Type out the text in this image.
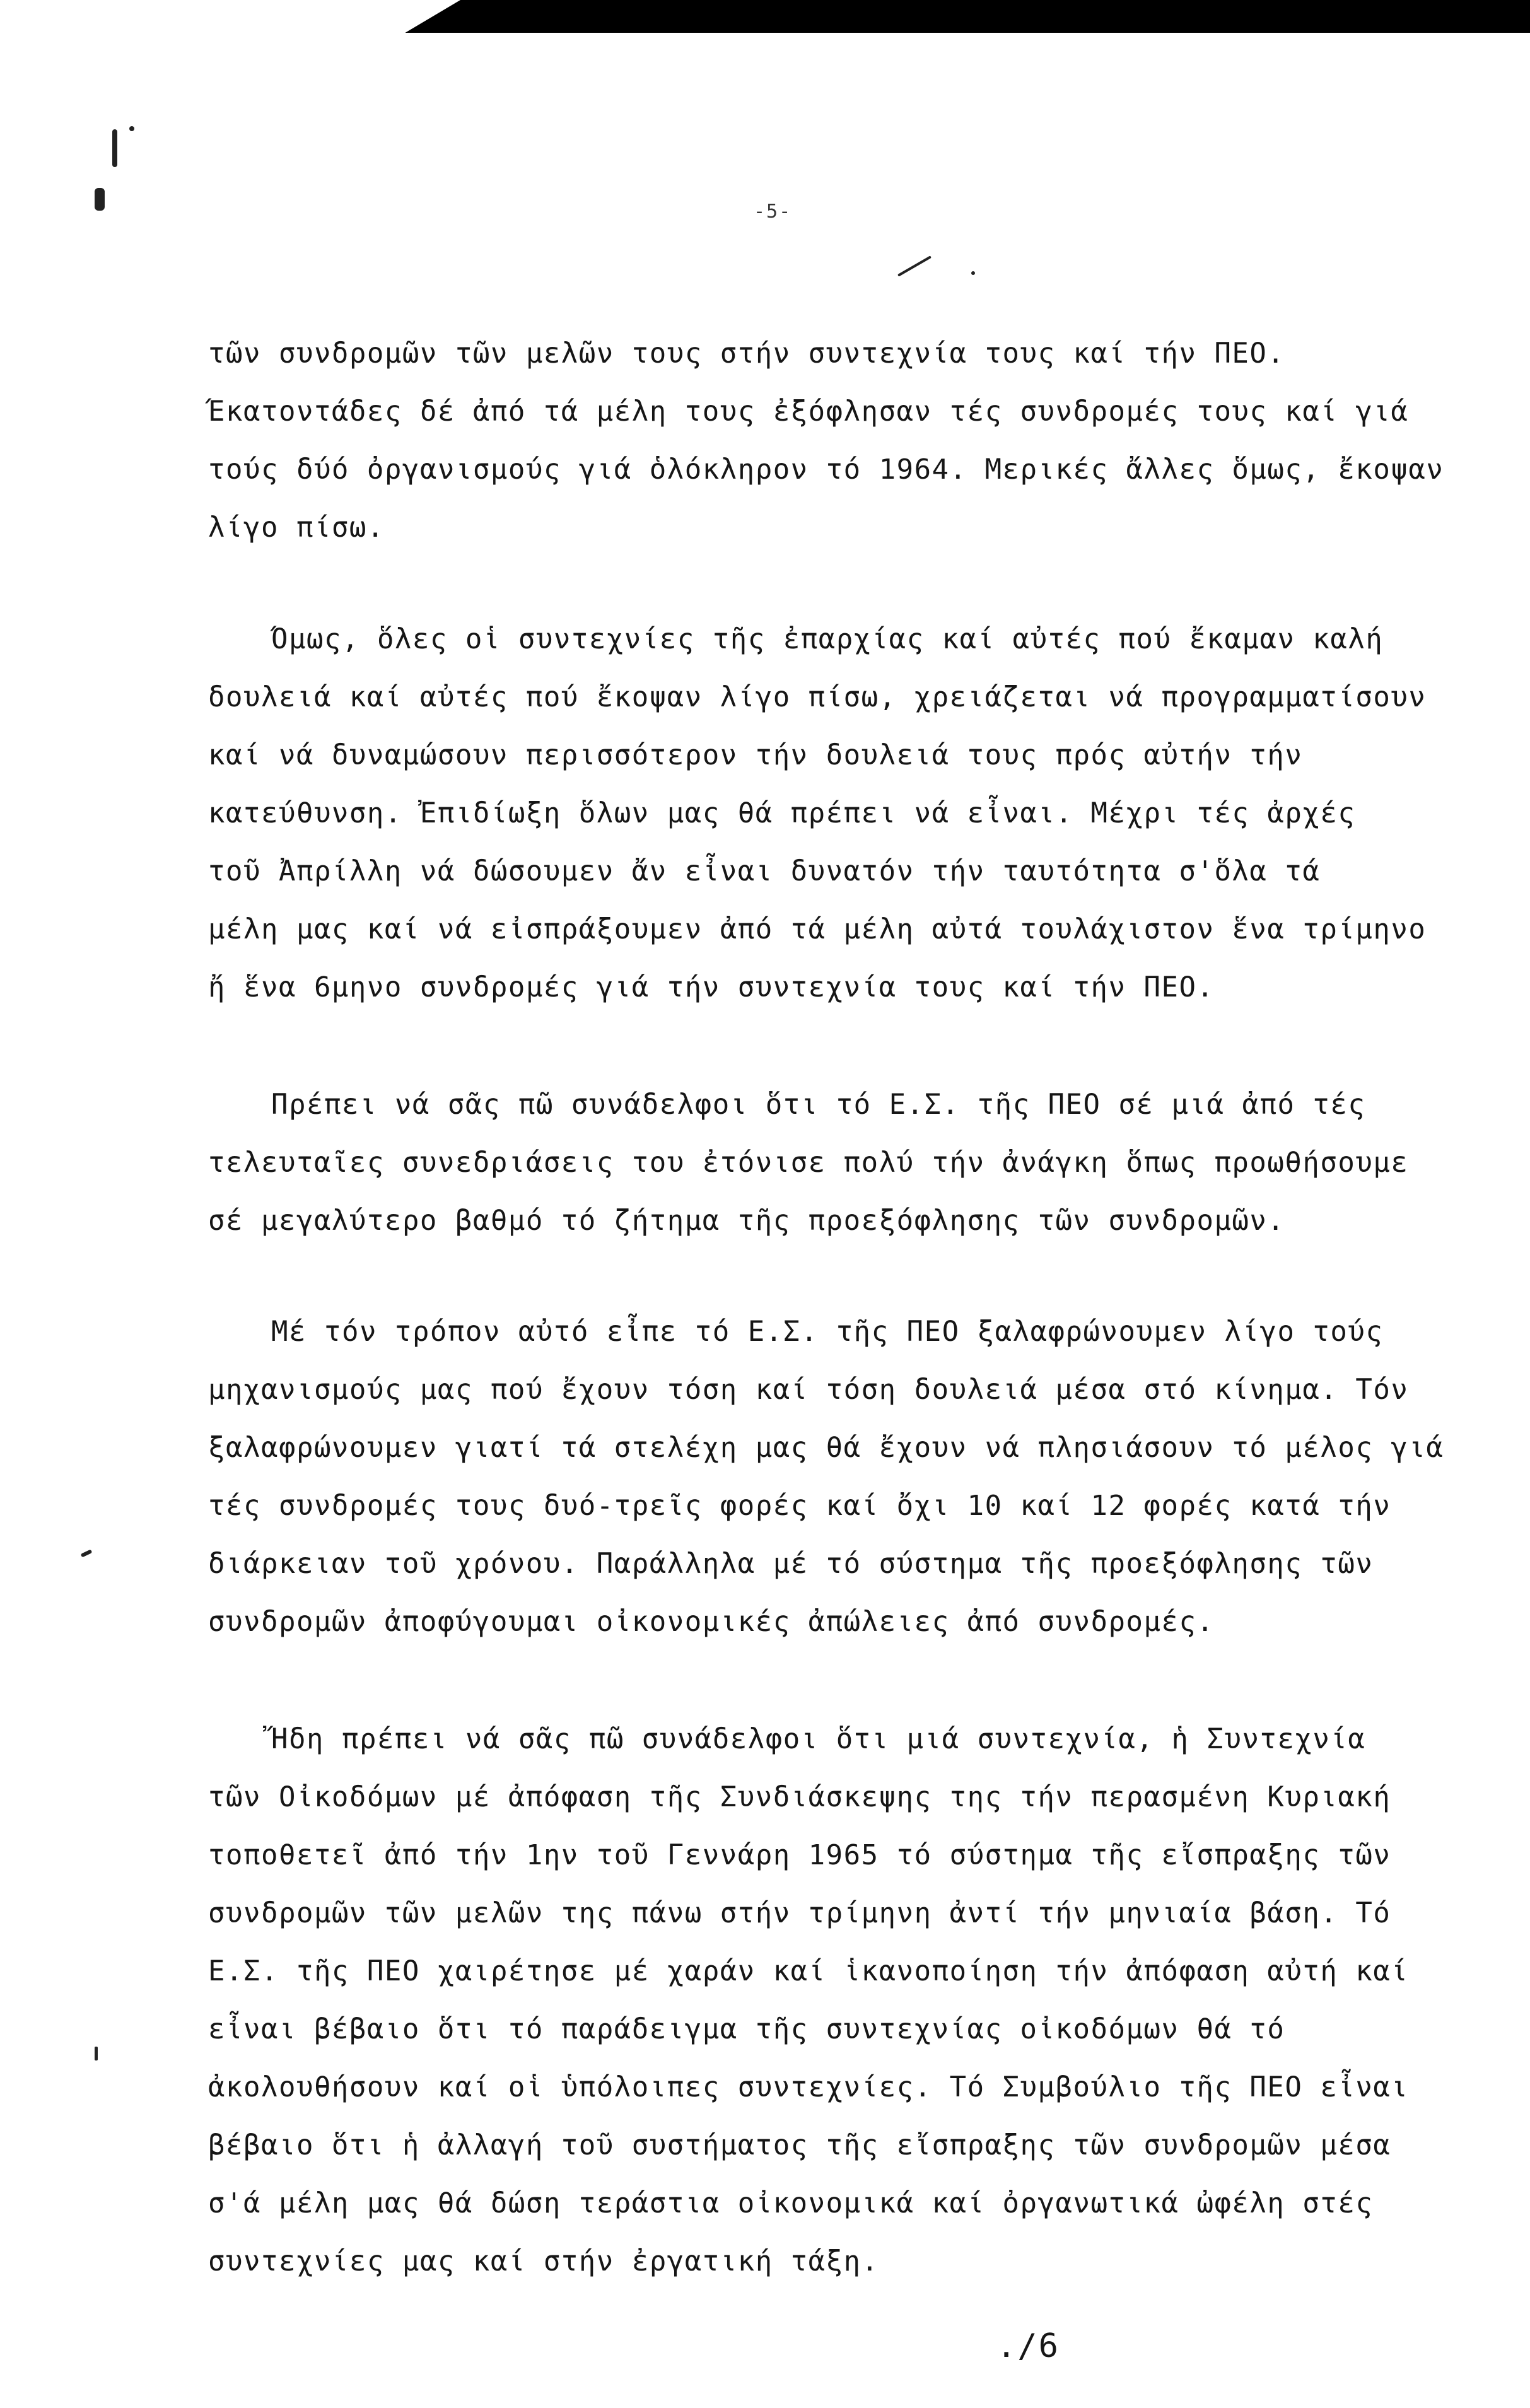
-5-
τῶν συνδρομῶν τῶν μελῶν τους στήν συντεχνία τους καί τήν ΠΕΟ.
Έκατοντάδες δέ ἀπό τά μέλη τους ἐξόφλησαν τές συνδρομές τους καί γιά
τούς δύό ὀργανισμούς γιά ὁλόκληρον τό 1964. Μερικές ἄλλες ὅμως, ἔκοψαν
λίγο πίσω.
Όμως, ὅλες οἱ συντεχνίες τῆς ἐπαρχίας καί αὐτές πού ἔκαμαν καλή
δουλειά καί αὐτές πού ἔκοψαν λίγο πίσω, χρειάζεται νά προγραμματίσουν
καί νά δυναμώσουν περισσότερον τήν δουλειά τους πρός αὐτήν τήν
κατεύθυνση. Ἐπιδίωξη ὅλων μας θά πρέπει νά εἶναι. Μέχρι τές ἀρχές
τοῦ Ἀπρίλλη νά δώσουμεν ἄν εἶναι δυνατόν τήν ταυτότητα σ'ὅλα τά
μέλη μας καί νά εἰσπράξουμεν ἀπό τά μέλη αὐτά τουλάχιστον ἕνα τρίμηνο
ἤ ἕνα 6μηνο συνδρομές γιά τήν συντεχνία τους καί τήν ΠΕΟ.
Πρέπει νά σᾶς πῶ συνάδελφοι ὅτι τό Ε.Σ. τῆς ΠΕΟ σέ μιά ἀπό τές
τελευταῖες συνεδριάσεις του ἐτόνισε πολύ τήν ἀνάγκη ὅπως προωθήσουμε
σέ μεγαλύτερο βαθμό τό ζήτημα τῆς προεξόφλησης τῶν συνδρομῶν.
Μέ τόν τρόπον αὐτό εἶπε τό Ε.Σ. τῆς ΠΕΟ ξαλαφρώνουμεν λίγο τούς
μηχανισμούς μας πού ἔχουν τόση καί τόση δουλειά μέσα στό κίνημα. Τόν
ξαλαφρώνουμεν γιατί τά στελέχη μας θά ἔχουν νά πλησιάσουν τό μέλος γιά
τές συνδρομές τους δυό-τρεῖς φορές καί ὄχι 10 καί 12 φορές κατά τήν
διάρκειαν τοῦ χρόνου. Παράλληλα μέ τό σύστημα τῆς προεξόφλησης τῶν
συνδρομῶν ἀποφύγουμαι οἰκονομικές ἀπώλειες ἀπό συνδρομές.
Ἤδη πρέπει νά σᾶς πῶ συνάδελφοι ὅτι μιά συντεχνία, ἡ Συντεχνία
τῶν Οἰκοδόμων μέ ἀπόφαση τῆς Συνδιάσκεψης της τήν περασμένη Κυριακή
τοποθετεῖ ἀπό τήν 1ην τοῦ Γεννάρη 1965 τό σύστημα τῆς εἴσπραξης τῶν
συνδρομῶν τῶν μελῶν της πάνω στήν τρίμηνη ἀντί τήν μηνιαία βάση. Τό
Ε.Σ. τῆς ΠΕΟ χαιρέτησε μέ χαράν καί ἱκανοποίηση τήν ἀπόφαση αὐτή καί
εἶναι βέβαιο ὅτι τό παράδειγμα τῆς συντεχνίας οἰκοδόμων θά τό
ἀκολουθήσουν καί οἱ ὑπόλοιπες συντεχνίες. Τό Συμβούλιο τῆς ΠΕΟ εἶναι
βέβαιο ὅτι ἡ ἀλλαγή τοῦ συστήματος τῆς εἴσπραξης τῶν συνδρομῶν μέσα
σ'ά μέλη μας θά δώση τεράστια οἰκονομικά καί ὀργανωτικά ὠφέλη στές
συντεχνίες μας καί στήν ἐργατική τάξη.
./6
